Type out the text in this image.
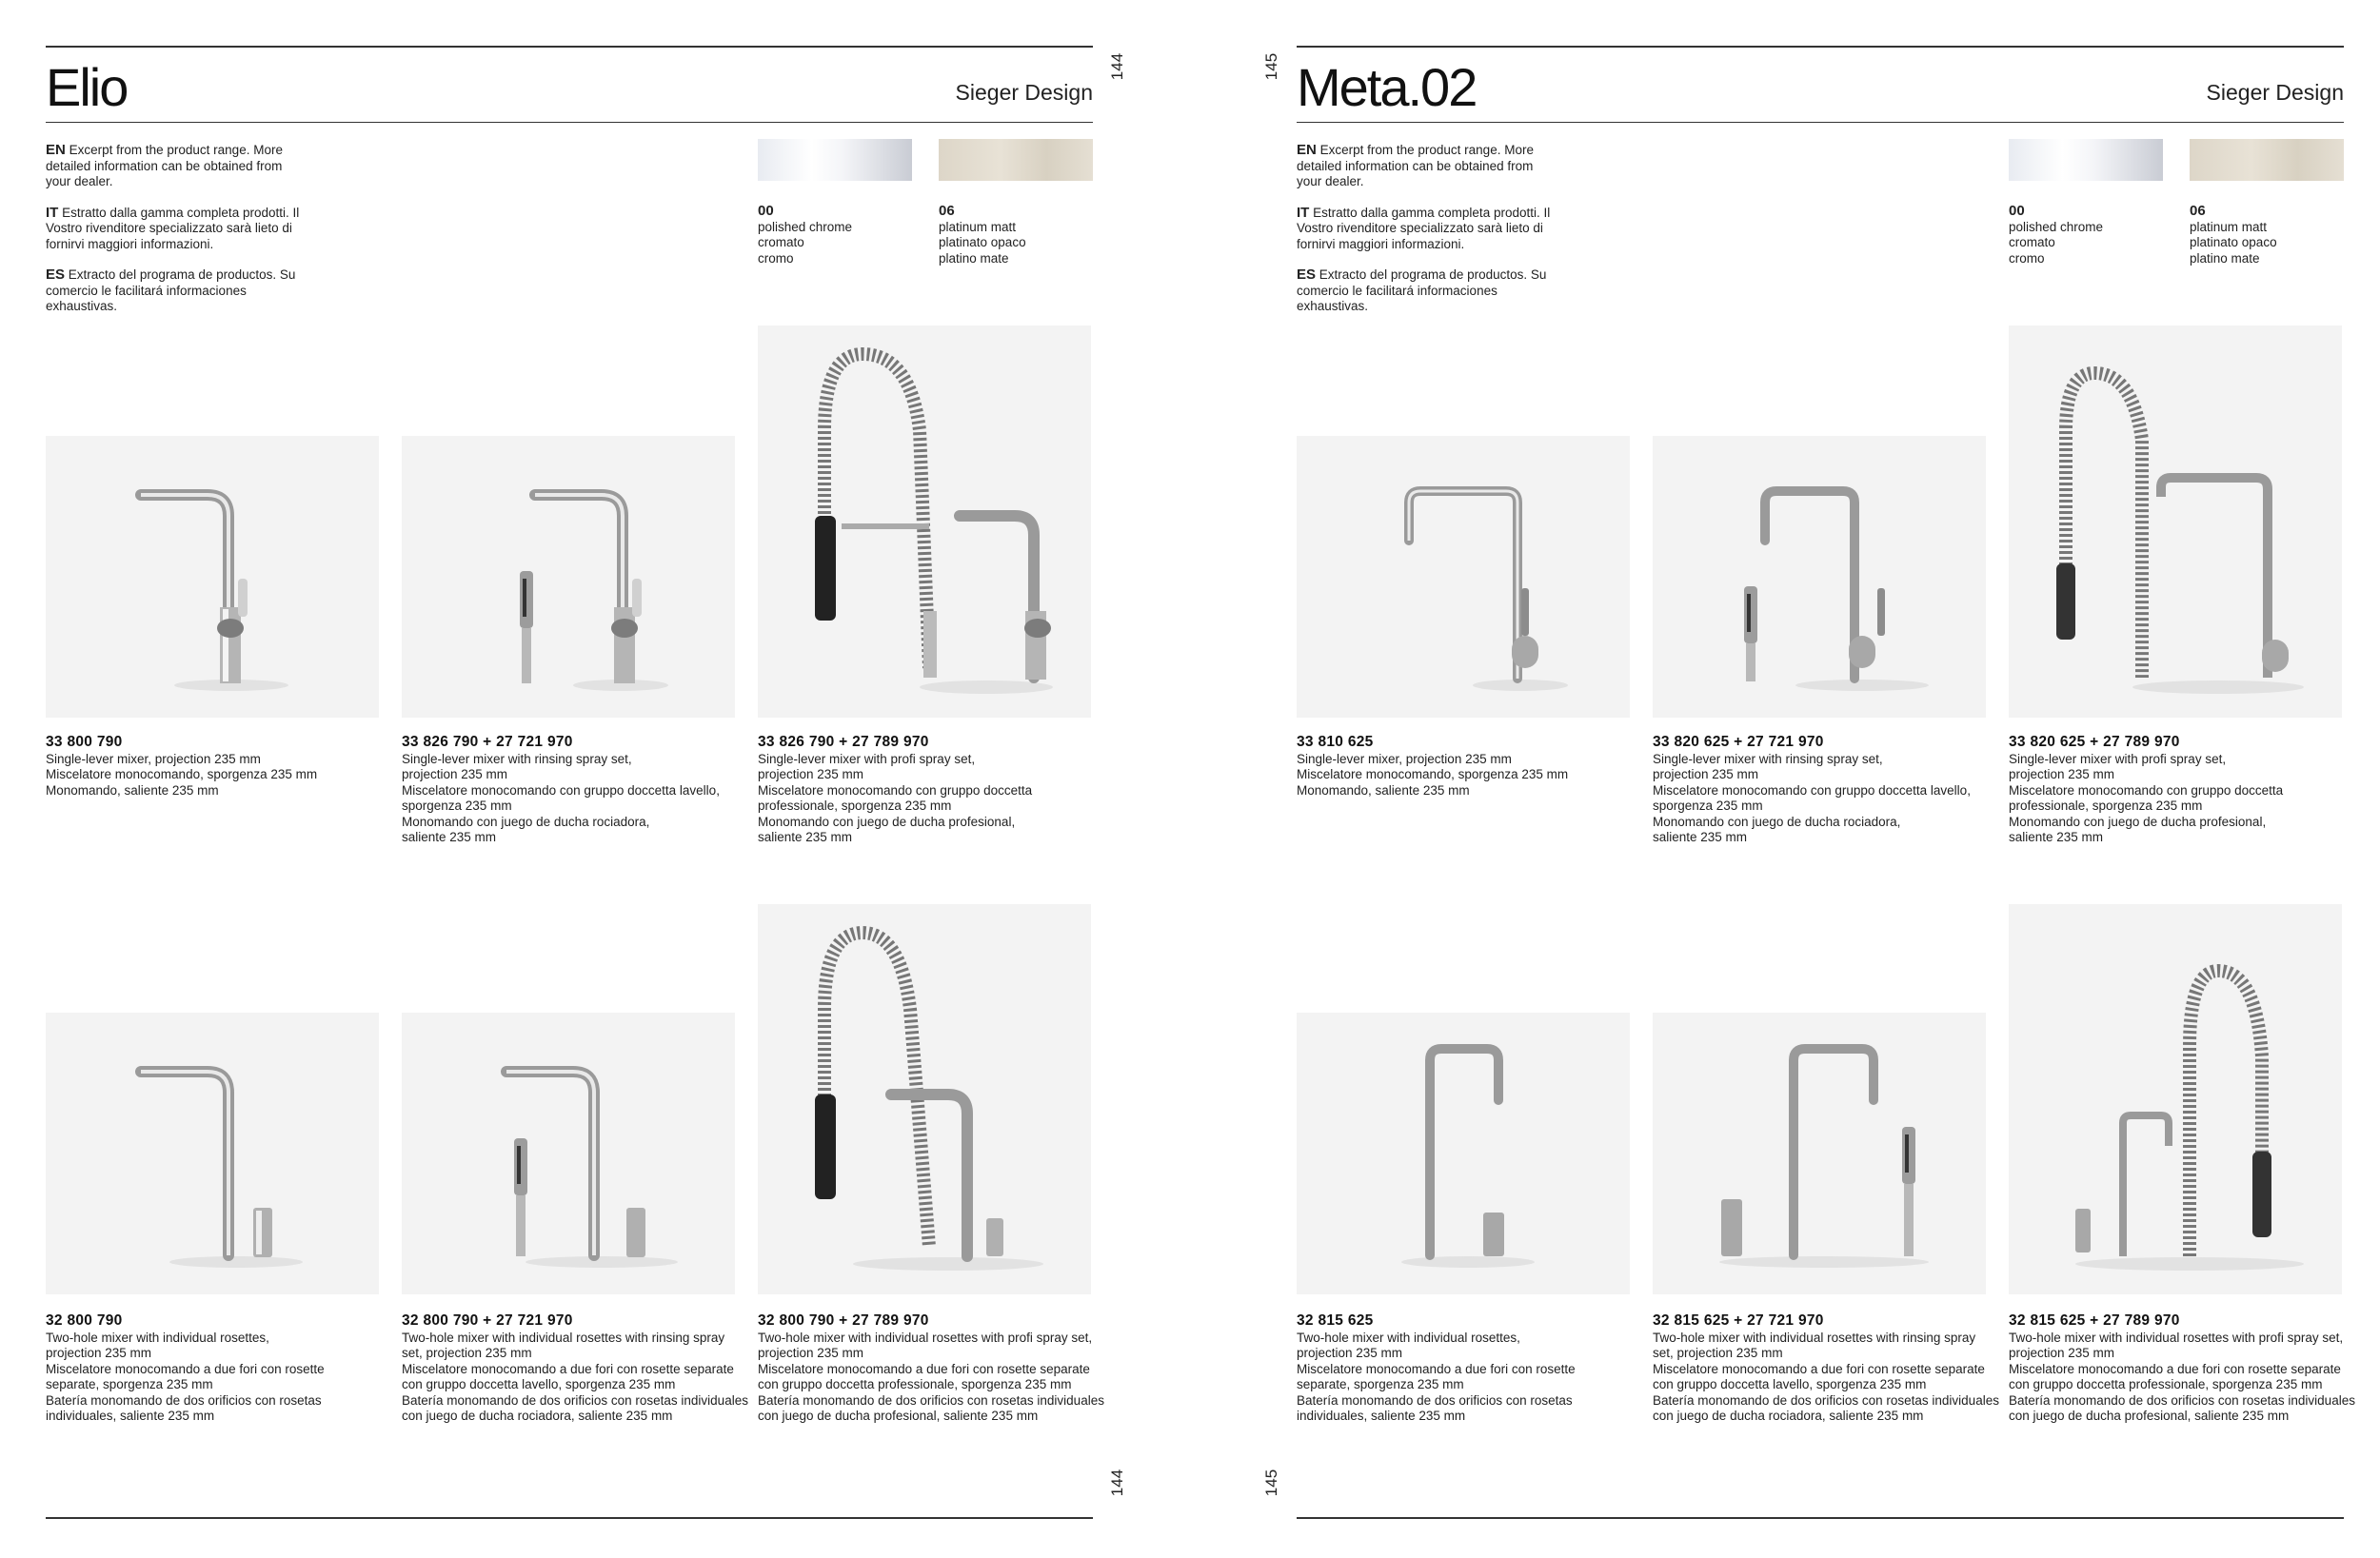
Elio	Sieger Design
144

EN Excerpt from the product range. More detailed information can be obtained from your dealer.

IT Estratto dalla gamma completa prodotti. Il Vostro rivenditore specializzato sarà lieto di fornirvi maggiori informazioni.

ES Extracto del programa de productos. Su comercio le facilitará informaciones exhaustivas.

00
polished chrome
cromato
cromo
06
platinum matt
platinato opaco
platino mate
33 800 790
Single-lever mixer, projection 235 mm
Miscelatore monocomando, sporgenza 235 mm
Monomando, saliente 235 mm
33 826 790 + 27 721 970
Single-lever mixer with rinsing spray set,
projection 235 mm
Miscelatore monocomando con gruppo doccetta lavello,
sporgenza 235 mm
Monomando con juego de ducha rociadora,
saliente 235 mm
33 826 790 + 27 789 970
Single-lever mixer with profi spray set,
projection 235 mm
Miscelatore monocomando con gruppo doccetta
professionale, sporgenza 235 mm
Monomando con juego de ducha profesional,
saliente 235 mm
32 800 790
Two-hole mixer with individual rosettes,
projection 235 mm
Miscelatore monocomando a due fori con rosette
separate, sporgenza 235 mm
Batería monomando de dos orificios con rosetas
individuales, saliente 235 mm
32 800 790 + 27 721 970
Two-hole mixer with individual rosettes with rinsing spray
set, projection 235 mm
Miscelatore monocomando a due fori con rosette separate
con gruppo doccetta lavello, sporgenza 235 mm
Batería monomando de dos orificios con rosetas individuales
con juego de ducha rociadora, saliente 235 mm
32 800 790 + 27 789 970
Two-hole mixer with individual rosettes with profi spray set,
projection 235 mm
Miscelatore monocomando a due fori con rosette separate
con gruppo doccetta professionale, sporgenza 235 mm
Batería monomando de dos orificios con rosetas individuales
con juego de ducha profesional, saliente 235 mm
144
Meta.02	Sieger Design
145

EN Excerpt from the product range. More detailed information can be obtained from your dealer.

IT Estratto dalla gamma completa prodotti. Il Vostro rivenditore specializzato sarà lieto di fornirvi maggiori informazioni.

ES Extracto del programa de productos. Su comercio le facilitará informaciones exhaustivas.

00
polished chrome
cromato
cromo
06
platinum matt
platinato opaco
platino mate
33 810 625
Single-lever mixer, projection 235 mm
Miscelatore monocomando, sporgenza 235 mm
Monomando, saliente 235 mm
33 820 625 + 27 721 970
Single-lever mixer with rinsing spray set,
projection 235 mm
Miscelatore monocomando con gruppo doccetta lavello,
sporgenza 235 mm
Monomando con juego de ducha rociadora,
saliente 235 mm
33 820 625 + 27 789 970
Single-lever mixer with profi spray set,
projection 235 mm
Miscelatore monocomando con gruppo doccetta
professionale, sporgenza 235 mm
Monomando con juego de ducha profesional,
saliente 235 mm
32 815 625
Two-hole mixer with individual rosettes,
projection 235 mm
Miscelatore monocomando a due fori con rosette
separate, sporgenza 235 mm
Batería monomando de dos orificios con rosetas
individuales, saliente 235 mm
32 815 625 + 27 721 970
Two-hole mixer with individual rosettes with rinsing spray
set, projection 235 mm
Miscelatore monocomando a due fori con rosette separate
con gruppo doccetta lavello, sporgenza 235 mm
Batería monomando de dos orificios con rosetas individuales
con juego de ducha rociadora, saliente 235 mm
32 815 625 + 27 789 970
Two-hole mixer with individual rosettes with profi spray set,
projection 235 mm
Miscelatore monocomando a due fori con rosette separate
con gruppo doccetta professionale, sporgenza 235 mm
Batería monomando de dos orificios con rosetas individuales
con juego de ducha profesional, saliente 235 mm
145
